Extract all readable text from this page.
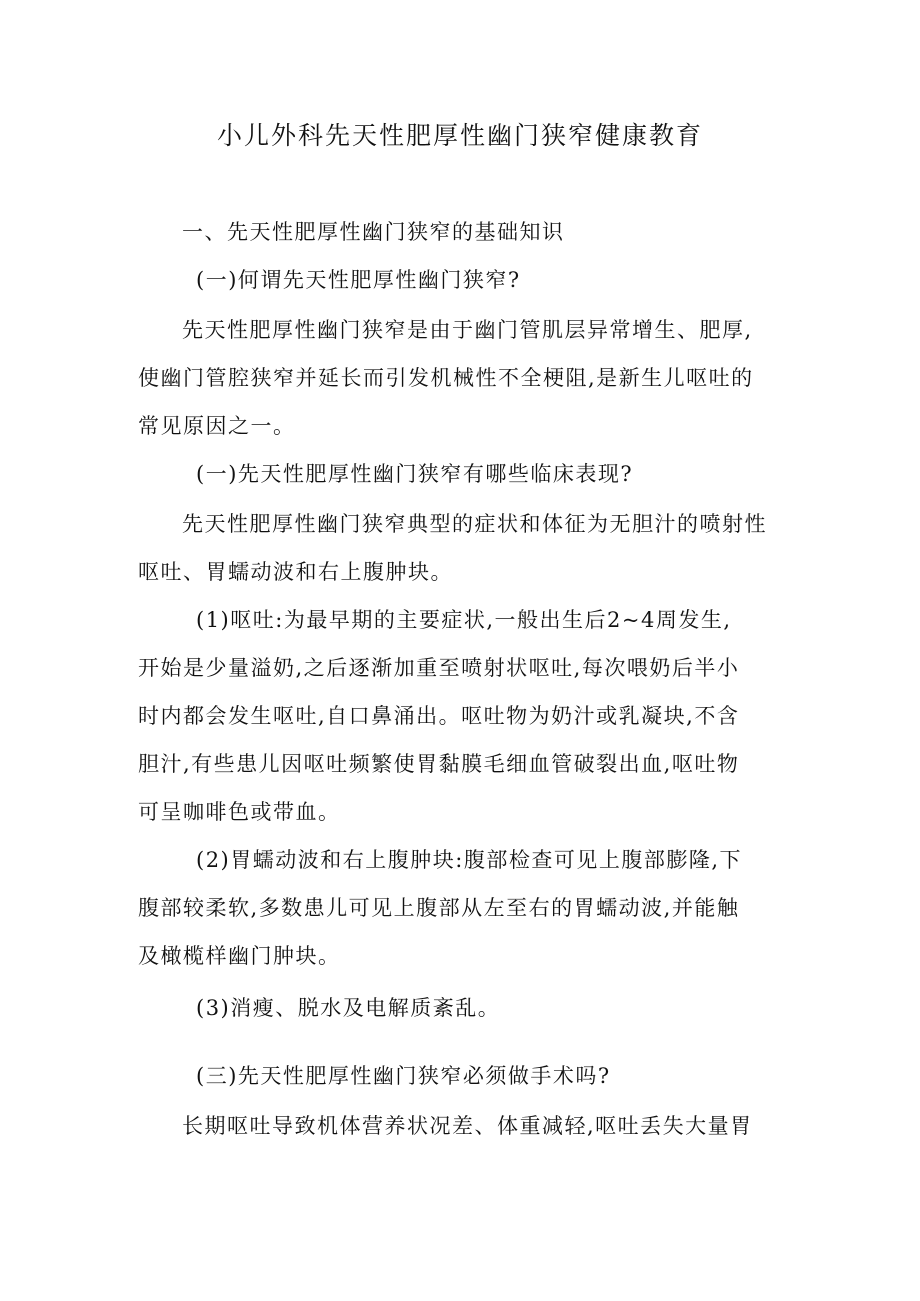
小儿外科先天性肥厚性幽门狭窄健康教育
一、先天性肥厚性幽门狭窄的基础知识
(一)何谓先天性肥厚性幽门狭窄?
先天性肥厚性幽门狭窄是由于幽门管肌层异常增生、肥厚,
使幽门管腔狭窄并延长而引发机械性不全梗阻,是新生儿呕吐的
常见原因之一。
(一)先天性肥厚性幽门狭窄有哪些临床表现?
先天性肥厚性幽门狭窄典型的症状和体征为无胆汁的喷射性
呕吐、胃蠕动波和右上腹肿块。
(1)呕吐:为最早期的主要症状,一般出生后2~4周发生,
开始是少量溢奶,之后逐渐加重至喷射状呕吐,每次喂奶后半小
时内都会发生呕吐,自口鼻涌出。呕吐物为奶汁或乳凝块,不含
胆汁,有些患儿因呕吐频繁使胃黏膜毛细血管破裂出血,呕吐物
可呈咖啡色或带血。
(2)胃蠕动波和右上腹肿块:腹部检查可见上腹部膨隆,下
腹部较柔软,多数患儿可见上腹部从左至右的胃蠕动波,并能触
及橄榄样幽门肿块。
(3)消瘦、脱水及电解质紊乱。
(三)先天性肥厚性幽门狭窄必须做手术吗?
长期呕吐导致机体营养状况差、体重减轻,呕吐丢失大量胃
